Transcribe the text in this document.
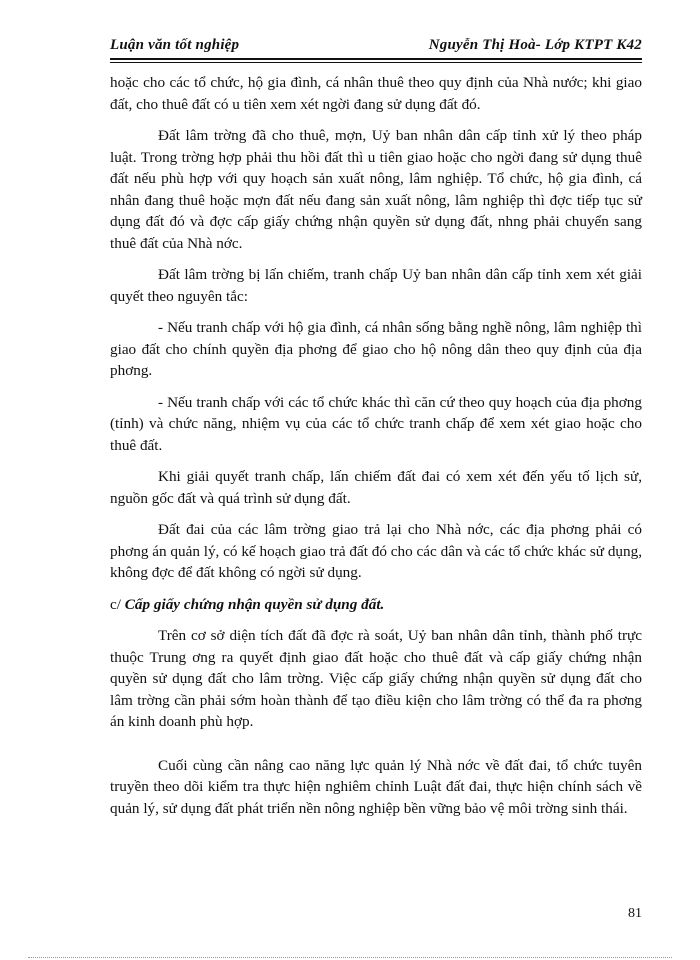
Luận văn tốt nghiệp	Nguyễn Thị Hoà- Lớp KTPT K42

hoặc cho các tổ chức, hộ gia đình, cá nhân thuê theo quy định của Nhà nước; khi giao đất, cho thuê đất có u tiên xem xét ngời đang sử dụng đất đó.

Đất lâm trờng đã cho thuê, mợn, Uỷ ban nhân dân cấp tỉnh xử lý theo pháp luật. Trong trờng hợp phải thu hồi đất thì u tiên giao hoặc cho ngời đang sử dụng thuê đất nếu phù hợp với quy hoạch sản xuất nông, lâm nghiệp. Tổ chức, hộ gia đình, cá nhân đang thuê hoặc mợn đất nếu đang sản xuất nông, lâm nghiệp thì đợc tiếp tục sử dụng đất đó và đợc cấp giấy chứng nhận quyền sử dụng đất, nhng phải chuyển sang thuê đất của Nhà nớc.

Đất lâm trờng bị lấn chiếm, tranh chấp Uỷ ban nhân dân cấp tỉnh xem xét giải quyết theo nguyên tắc:

- Nếu tranh chấp với hộ gia đình, cá nhân sống bằng nghề nông, lâm nghiệp thì giao đất cho chính quyền địa phơng để giao cho hộ nông dân theo quy định của địa phơng.

- Nếu tranh chấp với các tổ chức khác thì căn cứ theo quy hoạch của địa phơng (tỉnh) và chức năng, nhiệm vụ của các tổ chức tranh chấp để xem xét giao hoặc cho thuê đất.

Khi giải quyết tranh chấp, lấn chiếm đất đai có xem xét đến yếu tố lịch sử, nguồn gốc đất và quá trình sử dụng đất.

Đất đai của các lâm trờng giao trả lại cho Nhà nớc, các địa phơng phải có phơng án quản lý, có kế hoạch giao trả đất đó cho các dân và các tổ chức khác sử dụng, không đợc để đất không có ngời sử dụng.

c/ Cấp giấy chứng nhận quyền sử dụng đất.

Trên cơ sở diện tích đất đã đợc rà soát, Uỷ ban nhân dân tỉnh, thành phố trực thuộc Trung ơng ra quyết định giao đất hoặc cho thuê đất và cấp giấy chứng nhận quyền sử dụng đất cho lâm trờng. Việc cấp giấy chứng nhận quyền sử dụng đất cho lâm trờng cần phải sớm hoàn thành để tạo điều kiện cho lâm trờng có thể đa ra phơng án kinh doanh phù hợp.

Cuối cùng cần nâng cao năng lực quản lý Nhà nớc về đất đai, tổ chức tuyên truyền theo dõi kiểm tra thực hiện nghiêm chỉnh Luật đất đai, thực hiện chính sách về quản lý, sử dụng đất phát triển nền nông nghiệp bền vững bảo vệ môi trờng sinh thái.

81
